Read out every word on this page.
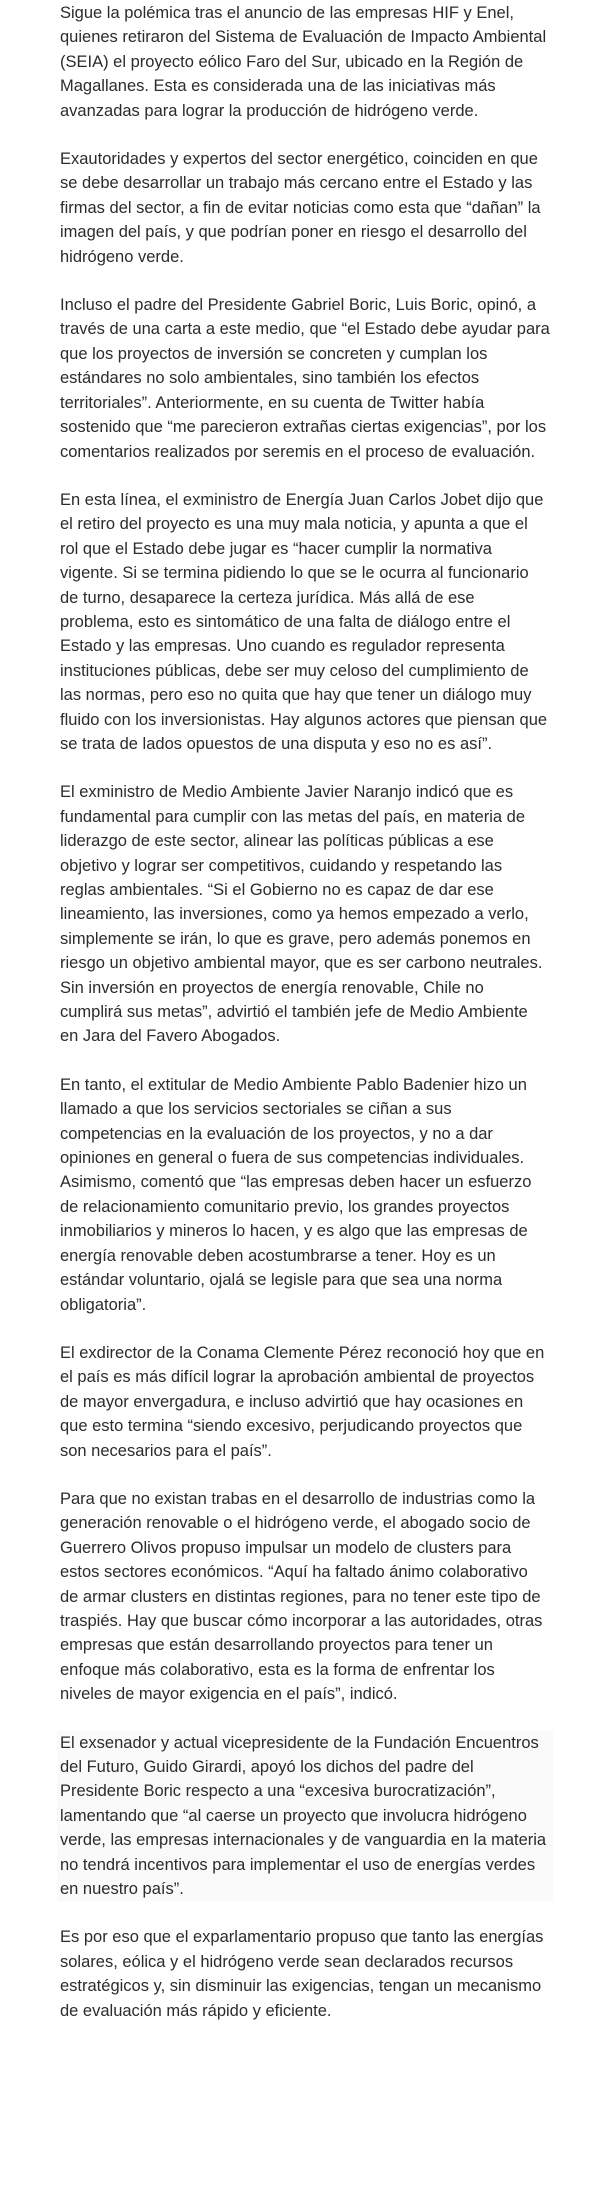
Sigue la polémica tras el anuncio de las empresas HIF y Enel, quienes retiraron del Sistema de Evaluación de Impacto Ambiental (SEIA) el proyecto eólico Faro del Sur, ubicado en la Región de Magallanes. Esta es considerada una de las iniciativas más avanzadas para lograr la producción de hidrógeno verde.

Exautoridades y expertos del sector energético, coinciden en que se debe desarrollar un trabajo más cercano entre el Estado y las firmas del sector, a fin de evitar noticias como esta que “dañan” la imagen del país, y que podrían poner en riesgo el desarrollo del hidrógeno verde.

Incluso el padre del Presidente Gabriel Boric, Luis Boric, opinó, a través de una carta a este medio, que “el Estado debe ayudar para que los proyectos de inversión se concreten y cumplan los estándares no solo ambientales, sino también los efectos territoriales”. Anteriormente, en su cuenta de Twitter había sostenido que “me parecieron extrañas ciertas exigencias”, por los comentarios realizados por seremis en el proceso de evaluación.

En esta línea, el exministro de Energía Juan Carlos Jobet dijo que el retiro del proyecto es una muy mala noticia, y apunta a que el rol que el Estado debe jugar es “hacer cumplir la normativa vigente. Si se termina pidiendo lo que se le ocurra al funcionario de turno, desaparece la certeza jurídica. Más allá de ese problema, esto es sintomático de una falta de diálogo entre el Estado y las empresas. Uno cuando es regulador representa instituciones públicas, debe ser muy celoso del cumplimiento de las normas, pero eso no quita que hay que tener un diálogo muy fluido con los inversionistas. Hay algunos actores que piensan que se trata de lados opuestos de una disputa y eso no es así”.

El exministro de Medio Ambiente Javier Naranjo indicó que es fundamental para cumplir con las metas del país, en materia de liderazgo de este sector, alinear las políticas públicas a ese objetivo y lograr ser competitivos, cuidando y respetando las reglas ambientales. “Si el Gobierno no es capaz de dar ese lineamiento, las inversiones, como ya hemos empezado a verlo, simplemente se irán, lo que es grave, pero además ponemos en riesgo un objetivo ambiental mayor, que es ser carbono neutrales. Sin inversión en proyectos de energía renovable, Chile no cumplirá sus metas”, advirtió el también jefe de Medio Ambiente en Jara del Favero Abogados.

En tanto, el extitular de Medio Ambiente Pablo Badenier hizo un llamado a que los servicios sectoriales se ciñan a sus competencias en la evaluación de los proyectos, y no a dar opiniones en general o fuera de sus competencias individuales. Asimismo, comentó que “las empresas deben hacer un esfuerzo de relacionamiento comunitario previo, los grandes proyectos inmobiliarios y mineros lo hacen, y es algo que las empresas de energía renovable deben acostumbrarse a tener. Hoy es un estándar voluntario, ojalá se legisle para que sea una norma obligatoria”.

El exdirector de la Conama Clemente Pérez reconoció hoy que en el país es más difícil lograr la aprobación ambiental de proyectos de mayor envergadura, e incluso advirtió que hay ocasiones en que esto termina “siendo excesivo, perjudicando proyectos que son necesarios para el país”.

Para que no existan trabas en el desarrollo de industrias como la generación renovable o el hidrógeno verde, el abogado socio de Guerrero Olivos propuso impulsar un modelo de clusters para estos sectores económicos. “Aquí ha faltado ánimo colaborativo de armar clusters en distintas regiones, para no tener este tipo de traspiés. Hay que buscar cómo incorporar a las autoridades, otras empresas que están desarrollando proyectos para tener un enfoque más colaborativo, esta es la forma de enfrentar los niveles de mayor exigencia en el país”, indicó.

El exsenador y actual vicepresidente de la Fundación Encuentros del Futuro, Guido Girardi, apoyó los dichos del padre del Presidente Boric respecto a una “excesiva burocratización”, lamentando que “al caerse un proyecto que involucra hidrógeno verde, las empresas internacionales y de vanguardia en la materia no tendrá incentivos para implementar el uso de energías verdes en nuestro país”.

Es por eso que el exparlamentario propuso que tanto las energías solares, eólica y el hidrógeno verde sean declarados recursos estratégicos y, sin disminuir las exigencias, tengan un mecanismo de evaluación más rápido y eficiente.
